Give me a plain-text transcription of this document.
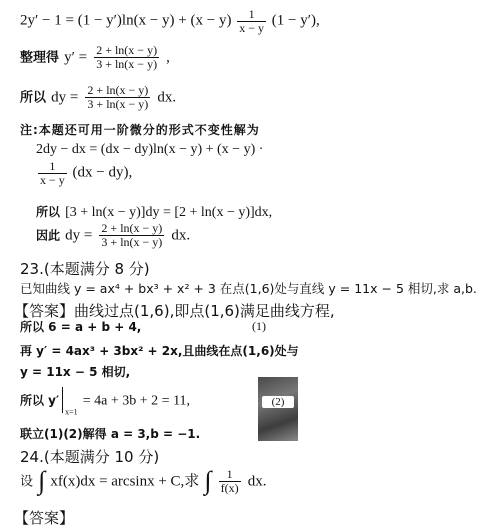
$2y' - 1 = (1 - y')\ln(x - y) + (x - y) \frac{1}{x - y} (1 - y')$,
整理得 $y' = \frac{2 + \ln(x - y)}{3 + \ln(x - y)}$ ,
所以 dy = $\frac{2 + \ln(x - y)}{3 + \ln(x - y)}$ dx.
注:本题还可用一阶微分的形式不变性解为
2dy − dx = (dx − dy)ln(x − y) + (x − y) ·
$\frac{1}{x - y} (dx - dy)$,
所以 [3 + ln(x − y)]dy = [2 + ln(x − y)]dx,
因此 dy = $\frac{2 + \ln(x - y)}{3 + \ln(x - y)}$ dx.
23.(本题满分 8 分)
已知曲线 y = ax⁴ + bx³ + x² + 3 在点(1,6)处与直线 y = 11x − 5 相切,求 a,b.
【答案】曲线过点(1,6),即点(1,6)满足曲线方程,
所以 6 = a + b + 4,	(1)
再 y′ = 4ax³ + 3bx² + 2x,且曲线在点(1,6)处与
y = 11x − 5 相切,
所以 $y'_{x=1} = 4a + 3b + 2 = 11$,	(2)
联立(1)(2)解得 a = 3,b = −1.
24.(本题满分 10 分)
设 ∫ xf(x)dx = arcsinx + C,求 ∫ $\frac{1}{f(x)}$ dx.
【答案】
